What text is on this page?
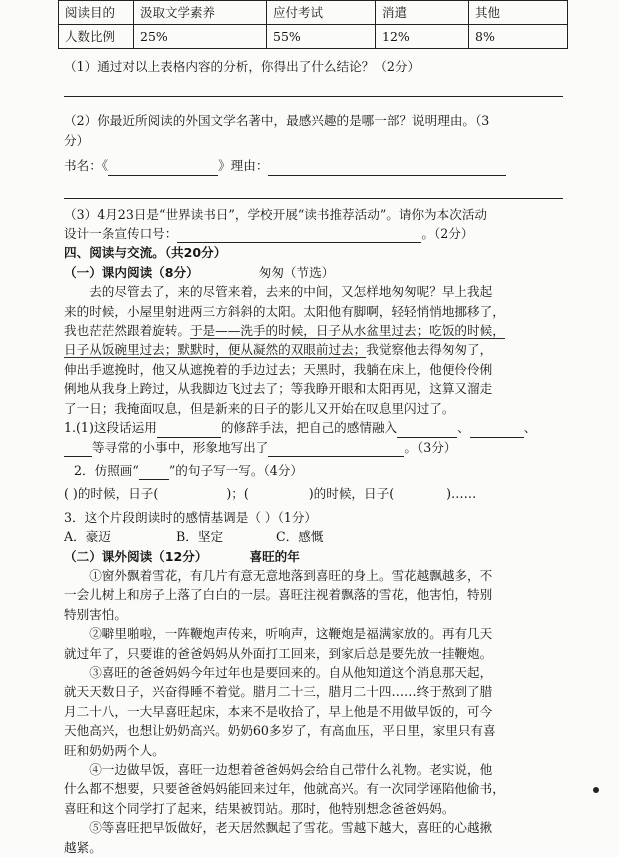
阅读目的	汲取文学素养	应付考试	消遣	其他
人数比例	25%	55%	12%	8%
（1）通过对以上表格内容的分析，你得出了什么结论？（2分）
（2）你最近所阅读的外国文学名著中，最感兴趣的是哪一部？说明理由。（3
分）
书名：《	》理由：
（3）4月23日是“世界读书日”，学校开展“读书推荐活动”。请你为本次活动
设计一条宣传口号：	。（2分）
四、阅读与交流。（共20分）
（一）课内阅读（8分）	匆匆（节选）
去的尽管去了，来的尽管来着，去来的中间，又怎样地匆匆呢？早上我起
来的时候，小屋里射进两三方斜斜的太阳。太阳他有脚啊，轻轻悄悄地挪移了，
我也茫茫然跟着旋转。于是——洗手的时候，日子从水盆里过去；吃饭的时候，
日子从饭碗里过去；默默时，便从凝然的双眼前过去；我觉察他去得匆匆了，
伸出手遮挽时，他又从遮挽着的手边过去；天黑时，我躺在床上，他便伶伶俐
俐地从我身上跨过，从我脚边飞过去了；等我睁开眼和太阳再见，这算又溜走
了一日；我掩面叹息，但是新来的日子的影儿又开始在叹息里闪过了。
1.(1)这段话运用	的修辞手法，把自己的感情融入	、	、
等寻常的小事中，形象地写出了	。（3分）
2．仿照画“ ”的句子写一写。（4分）
( )的时候，日子(	)；(	)的时候，日子(	)……
3．这个片段朗读时的感情基调是（ ）（1分）
A．豪迈	B．坚定	C．感慨
（二）课外阅读（12分）	喜旺的年
①窗外飘着雪花，有几片有意无意地落到喜旺的身上。雪花越飘越多，不
一会儿树上和房子上落了白白的一层。喜旺注视着飘落的雪花，他害怕，特别
特别害怕。
②噼里啪啦，一阵鞭炮声传来，听响声，这鞭炮是福满家放的。再有几天
就过年了，只要谁的爸爸妈妈从外面打工回来，到家后总是要先放一挂鞭炮。
③喜旺的爸爸妈妈今年过年也是要回来的。自从他知道这个消息那天起，
就天天数日子，兴奋得睡不着觉。腊月二十三，腊月二十四……终于熬到了腊
月二十八，一大早喜旺起床，本来不是收拾了，早上他是不用做早饭的，可今
天他高兴，也想让奶奶高兴。奶奶60多岁了，有高血压，平日里，家里只有喜
旺和奶奶两个人。
④一边做早饭，喜旺一边想着爸爸妈妈会给自己带什么礼物。老实说，他
什么都不想要，只要爸爸妈妈能回来过年，他就高兴。有一次同学诬陷他偷书，
喜旺和这个同学打了起来，结果被罚站。那时，他特别想念爸爸妈妈。
⑤等喜旺把早饭做好，老天居然飘起了雪花。雪越下越大，喜旺的心越揪
越紧。
